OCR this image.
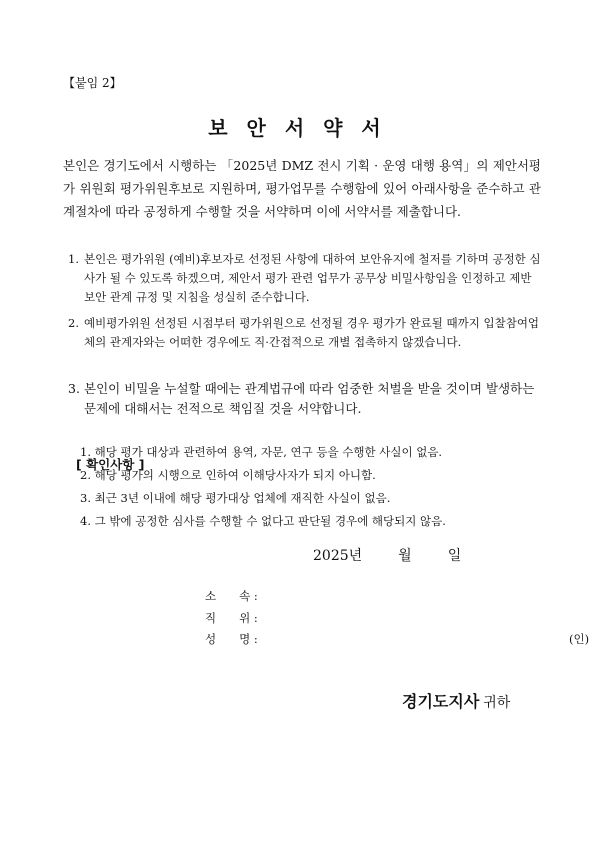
【붙임 2】
보 안 서 약 서

본인은 경기도에서 시행하는 「2025년 DMZ 전시 기획 · 운영 대행 용역」의 제안서평가 위원회 평가위원후보로 지원하며, 평가업무를 수행함에 있어 아래사항을 준수하고 관계절차에 따라 공정하게 수행할 것을 서약하며 이에 서약서를 제출합니다.

1. 본인은 평가위원 (예비)후보자로 선정된 사항에 대하여 보안유지에 철저를 기하며 공정한 심사가 될 수 있도록 하겠으며, 제안서 평가 관련 업무가 공무상 비밀사항임을 인정하고 제반 보안 관계 규정 및 지침을 성실히 준수합니다.
2. 예비평가위원 선정된 시점부터 평가위원으로 선정될 경우 평가가 완료될 때까지 입찰참여업체의 관계자와는 어떠한 경우에도 직·간접적으로 개별 접촉하지 않겠습니다.
3. 본인이 비밀을 누설할 때에는 관계법규에 따라 엄중한 처벌을 받을 것이며 발생하는 문제에 대해서는 전적으로 책임질 것을 서약합니다.
[ 확인사항 ]
1. 해당 평가 대상과 관련하여 용역, 자문, 연구 등을 수행한 사실이 없음.
2. 해당 평가의 시행으로 인하여 이해당사자가 되지 아니함.
3. 최근 3년 이내에 해당 평가대상 업체에 재직한 사실이 없음.
4. 그 밖에 공정한 심사를 수행할 수 없다고 판단될 경우에 해당되지 않음.
2025년	월	일
소　　속 :
직　　위 :
성　　명 :	(인)
경기도지사 귀하
